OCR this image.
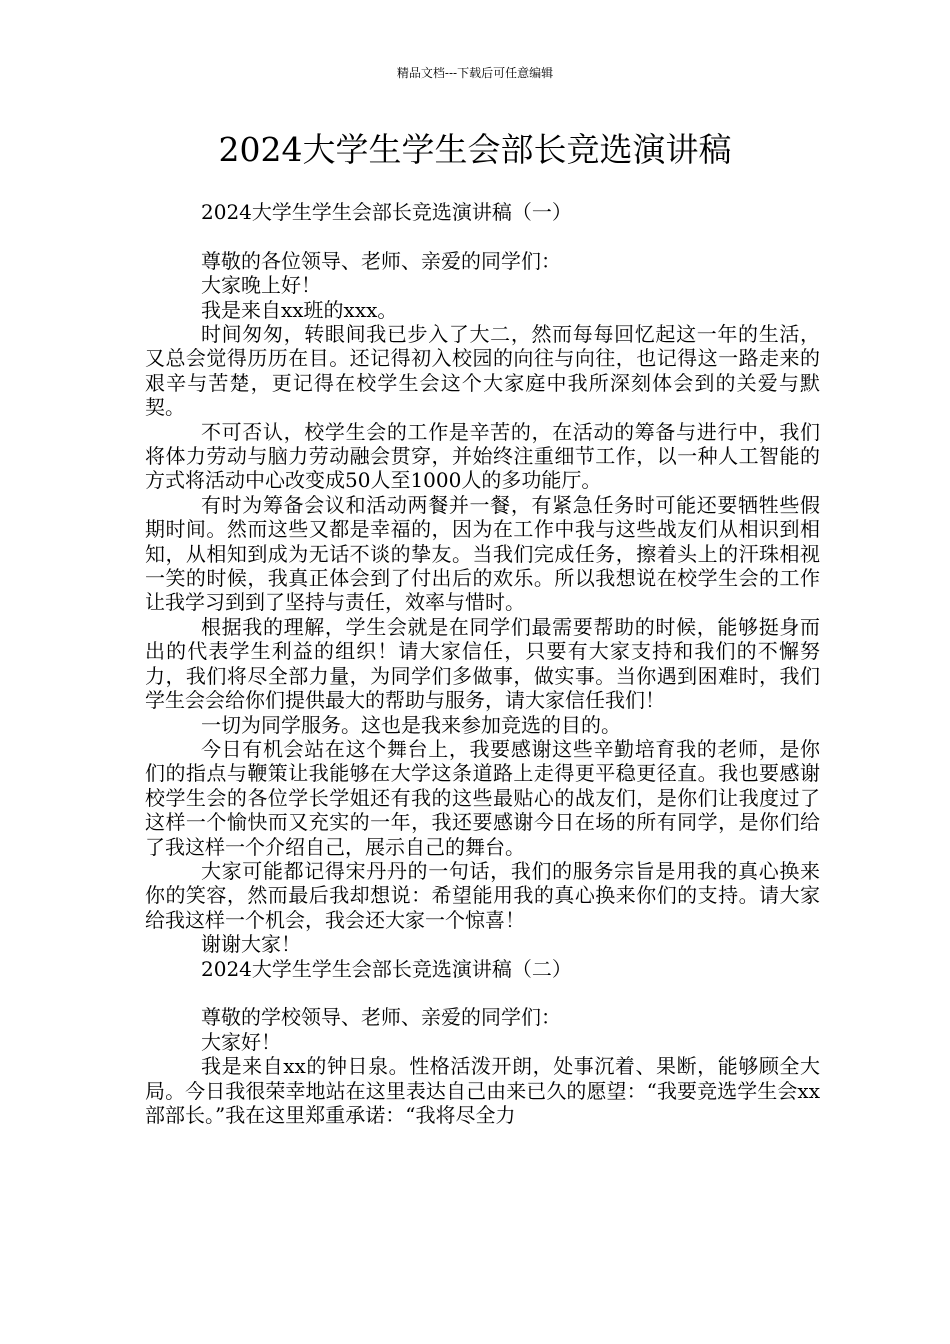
精品文档---下载后可任意编辑
2024大学生学生会部长竞选演讲稿

2024大学生学生会部长竞选演讲稿（一）

尊敬的各位领导、老师、亲爱的同学们：

大家晚上好！

我是来自xx班的xxx。

时间匆匆，转眼间我已步入了大二，然而每每回忆起这一年的生活，又总会觉得历历在目。还记得初入校园的向往与向往，也记得这一路走来的艰辛与苦楚，更记得在校学生会这个大家庭中我所深刻体会到的关爱与默契。

不可否认，校学生会的工作是辛苦的，在活动的筹备与进行中，我们将体力劳动与脑力劳动融会贯穿，并始终注重细节工作，以一种人工智能的方式将活动中心改变成50人至1000人的多功能厅。

有时为筹备会议和活动两餐并一餐，有紧急任务时可能还要牺牲些假期时间。然而这些又都是幸福的，因为在工作中我与这些战友们从相识到相知，从相知到成为无话不谈的挚友。当我们完成任务，擦着头上的汗珠相视一笑的时候，我真正体会到了付出后的欢乐。所以我想说在校学生会的工作让我学习到到了坚持与责任，效率与惜时。

根据我的理解，学生会就是在同学们最需要帮助的时候，能够挺身而出的代表学生利益的组织！请大家信任，只要有大家支持和我们的不懈努力，我们将尽全部力量，为同学们多做事，做实事。当你遇到困难时，我们学生会会给你们提供最大的帮助与服务，请大家信任我们！

一切为同学服务。这也是我来参加竞选的目的。

今日有机会站在这个舞台上，我要感谢这些辛勤培育我的老师，是你们的指点与鞭策让我能够在大学这条道路上走得更平稳更径直。我也要感谢校学生会的各位学长学姐还有我的这些最贴心的战友们，是你们让我度过了这样一个愉快而又充实的一年，我还要感谢今日在场的所有同学，是你们给了我这样一个介绍自己，展示自己的舞台。

大家可能都记得宋丹丹的一句话，我们的服务宗旨是用我的真心换来你的笑容，然而最后我却想说：希望能用我的真心换来你们的支持。请大家给我这样一个机会，我会还大家一个惊喜！

谢谢大家！

2024大学生学生会部长竞选演讲稿（二）

尊敬的学校领导、老师、亲爱的同学们：

大家好！

我是来自xx的钟日泉。性格活泼开朗，处事沉着、果断，能够顾全大局。今日我很荣幸地站在这里表达自己由来已久的愿望：“我要竞选学生会xx部部长。”我在这里郑重承诺：“我将尽全力
